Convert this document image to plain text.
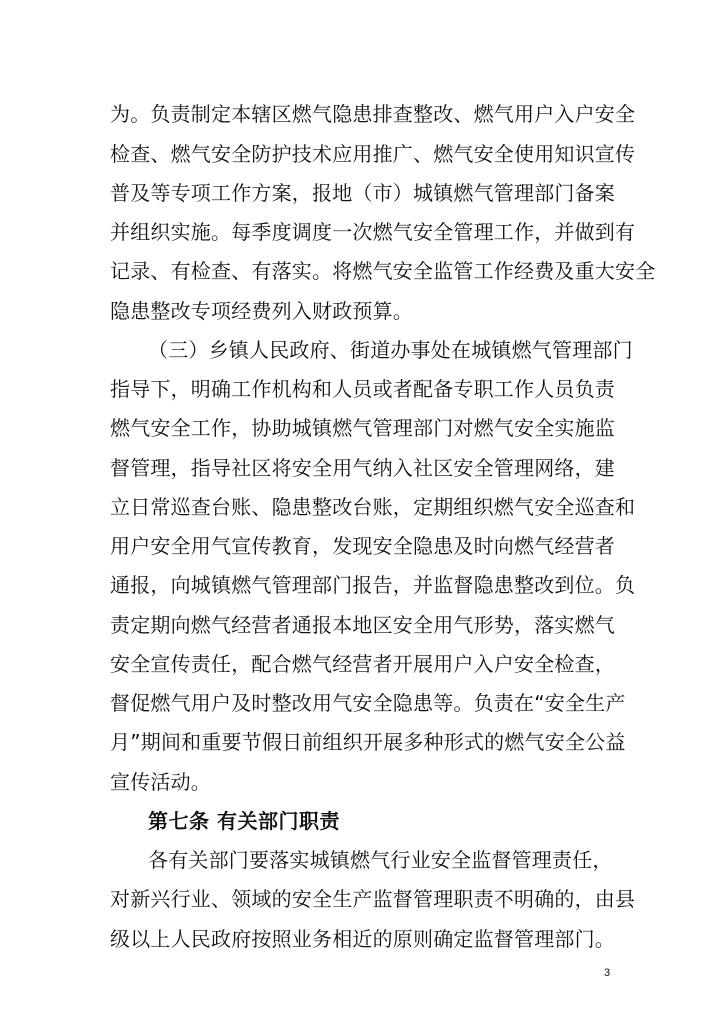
为。负责制定本辖区燃气隐患排查整改、燃气用户入户安全
检查、燃气安全防护技术应用推广、燃气安全使用知识宣传
普及等专项工作方案，报地（市）城镇燃气管理部门备案
并组织实施。每季度调度一次燃气安全管理工作，并做到有
记录、有检查、有落实。将燃气安全监管工作经费及重大安全
隐患整改专项经费列入财政预算。
（三）乡镇人民政府、街道办事处在城镇燃气管理部门
指导下，明确工作机构和人员或者配备专职工作人员负责
燃气安全工作，协助城镇燃气管理部门对燃气安全实施监
督管理，指导社区将安全用气纳入社区安全管理网络，建
立日常巡查台账、隐患整改台账，定期组织燃气安全巡查和
用户安全用气宣传教育，发现安全隐患及时向燃气经营者
通报，向城镇燃气管理部门报告，并监督隐患整改到位。负
责定期向燃气经营者通报本地区安全用气形势，落实燃气
安全宣传责任，配合燃气经营者开展用户入户安全检查，
督促燃气用户及时整改用气安全隐患等。负责在“安全生产
月”期间和重要节假日前组织开展多种形式的燃气安全公益
宣传活动。
第七条 有关部门职责
各有关部门要落实城镇燃气行业安全监督管理责任，
对新兴行业、领域的安全生产监督管理职责不明确的，由县
级以上人民政府按照业务相近的原则确定监督管理部门。
3
